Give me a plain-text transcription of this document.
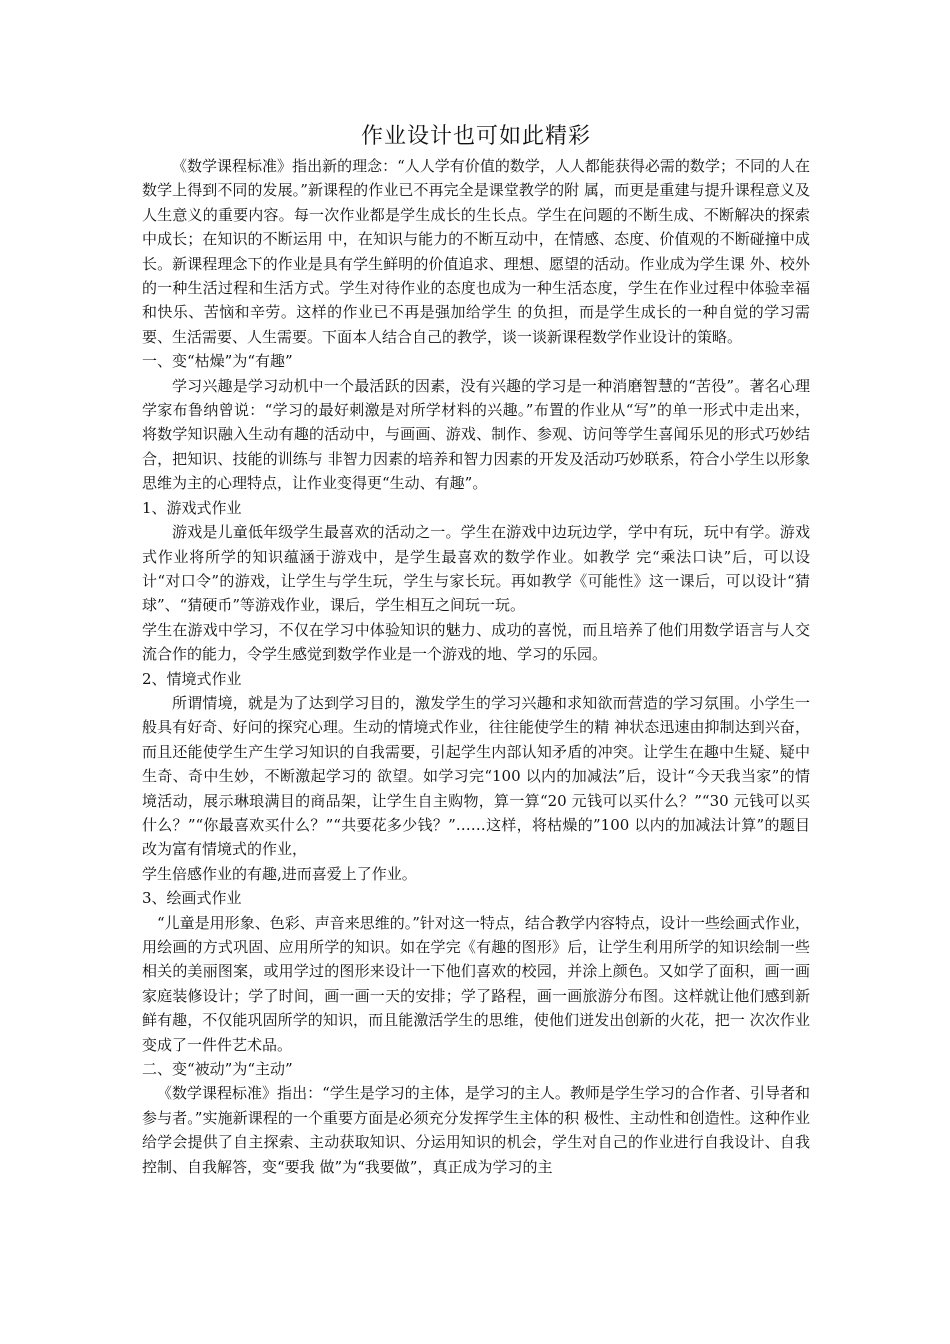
作业设计也可如此精彩

《数学课程标准》指出新的理念：“人人学有价值的数学，人人都能获得必需的数学；不同的人在数学上得到不同的发展。”新课程的作业已不再完全是课堂教学的附 属，而更是重建与提升课程意义及人生意义的重要内容。每一次作业都是学生成长的生长点。学生在问题的不断生成、不断解决的探索中成长；在知识的不断运用 中，在知识与能力的不断互动中，在情感、态度、价值观的不断碰撞中成长。新课程理念下的作业是具有学生鲜明的价值追求、理想、愿望的活动。作业成为学生课 外、校外的一种生活过程和生活方式。学生对待作业的态度也成为一种生活态度，学生在作业过程中体验幸福和快乐、苦恼和辛劳。这样的作业已不再是强加给学生 的负担，而是学生成长的一种自觉的学习需要、生活需要、人生需要。下面本人结合自己的教学，谈一谈新课程数学作业设计的策略。

一、变“枯燥”为“有趣”

学习兴趣是学习动机中一个最活跃的因素，没有兴趣的学习是一种消磨智慧的“苦役”。著名心理学家布鲁纳曾说：“学习的最好刺激是对所学材料的兴趣。”布置的作业从“写”的单一形式中走出来，将数学知识融入生动有趣的活动中，与画画、游戏、制作、参观、访问等学生喜闻乐见的形式巧妙结合，把知识、技能的训练与 非智力因素的培养和智力因素的开发及活动巧妙联系，符合小学生以形象思维为主的心理特点，让作业变得更“生动、有趣”。

1、游戏式作业

游戏是儿童低年级学生最喜欢的活动之一。学生在游戏中边玩边学，学中有玩，玩中有学。游戏式作业将所学的知识蕴涵于游戏中，是学生最喜欢的数学作业。如教学 完“乘法口诀”后，可以设计“对口令”的游戏，让学生与学生玩，学生与家长玩。再如教学《可能性》这一课后，可以设计“猜球”、“猜硬币”等游戏作业，课后，学生相互之间玩一玩。

学生在游戏中学习，不仅在学习中体验知识的魅力、成功的喜悦，而且培养了他们用数学语言与人交流合作的能力，令学生感觉到数学作业是一个游戏的地、学习的乐园。

2、情境式作业

所谓情境，就是为了达到学习目的，激发学生的学习兴趣和求知欲而营造的学习氛围。小学生一般具有好奇、好问的探究心理。生动的情境式作业，往往能使学生的精 神状态迅速由抑制达到兴奋，而且还能使学生产生学习知识的自我需要，引起学生内部认知矛盾的冲突。让学生在趣中生疑、疑中生奇、奇中生妙，不断激起学习的 欲望。如学习完“100 以内的加减法”后，设计“今天我当家”的情境活动，展示琳琅满目的商品架，让学生自主购物，算一算“20 元钱可以买什么？”“30 元钱可以买什么？”“你最喜欢买什么？”“共要花多少钱？”……这样，将枯燥的”100 以内的加减法计算”的题目改为富有情境式的作业，

学生倍感作业的有趣,进而喜爱上了作业。

3、绘画式作业

“儿童是用形象、色彩、声音来思维的。”针对这一特点，结合教学内容特点，设计一些绘画式作业，用绘画的方式巩固、应用所学的知识。如在学完《有趣的图形》后，让学生利用所学的知识绘制一些相关的美丽图案，或用学过的图形来设计一下他们喜欢的校园，并涂上颜色。又如学了面积，画一画家庭装修设计；学了时间，画一画一天的安排；学了路程，画一画旅游分布图。这样就让他们感到新鲜有趣，不仅能巩固所学的知识，而且能激活学生的思维，使他们迸发出创新的火花，把一 次次作业变成了一件件艺术品。

二、变“被动”为“主动”

《数学课程标准》指出：“学生是学习的主体，是学习的主人。教师是学生学习的合作者、引导者和参与者。”实施新课程的一个重要方面是必须充分发挥学生主体的积 极性、主动性和创造性。这种作业给学会提供了自主探索、主动获取知识、分运用知识的机会，学生对自己的作业进行自我设计、自我控制、自我解答，变“要我 做”为“我要做”，真正成为学习的主
